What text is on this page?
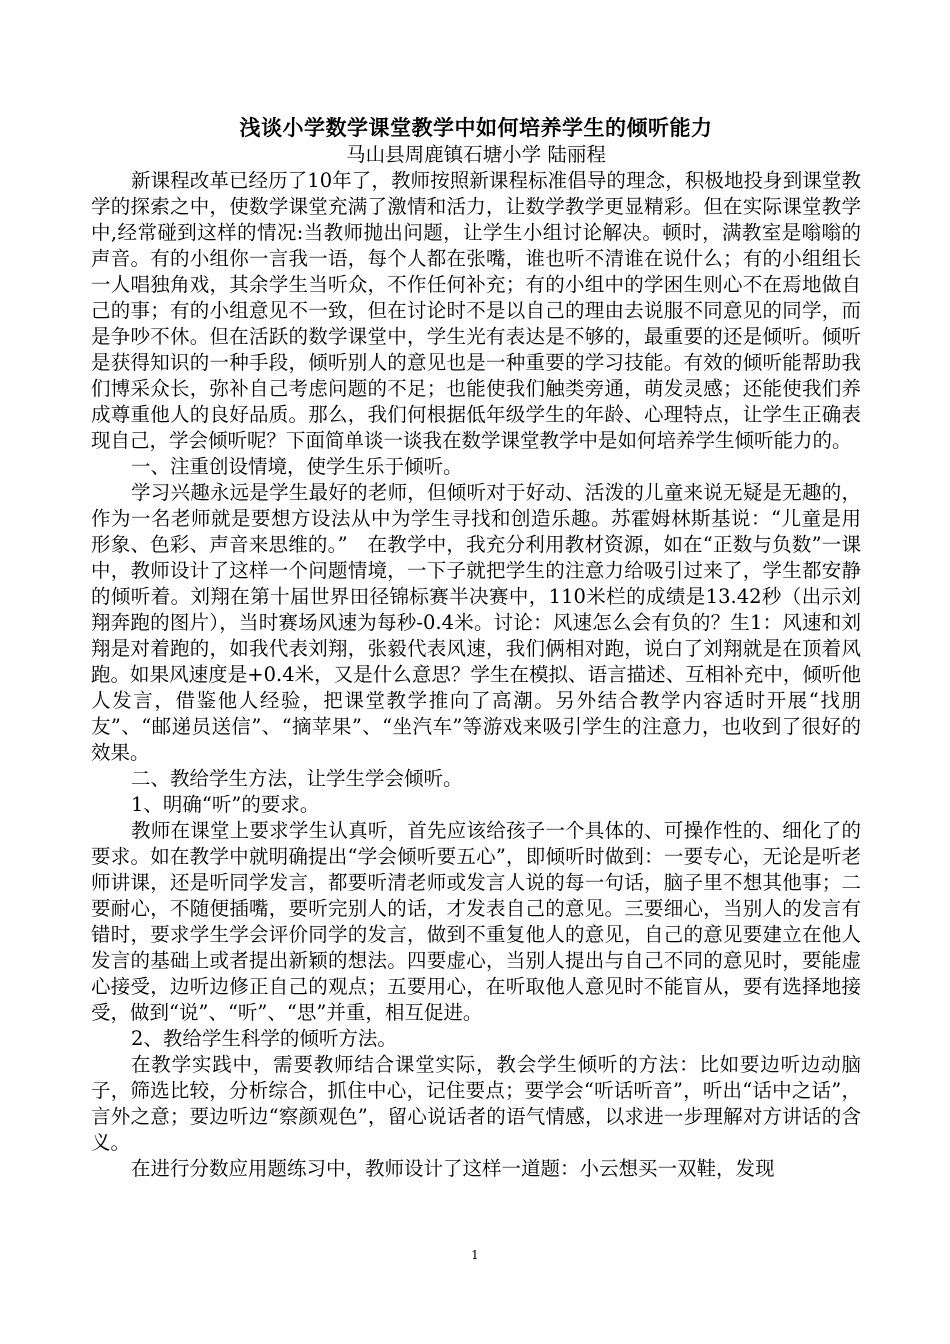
浅谈小学数学课堂教学中如何培养学生的倾听能力

马山县周鹿镇石塘小学 陆丽程

新课程改革已经历了10年了，教师按照新课程标准倡导的理念，积极地投身到课堂教学的探索之中，使数学课堂充满了激情和活力，让数学教学更显精彩。但在实际课堂教学中,经常碰到这样的情况:当教师抛出问题，让学生小组讨论解决。顿时，满教室是嗡嗡的声音。有的小组你一言我一语，每个人都在张嘴，谁也听不清谁在说什么；有的小组组长一人唱独角戏，其余学生当听众，不作任何补充；有的小组中的学困生则心不在焉地做自己的事；有的小组意见不一致，但在讨论时不是以自己的理由去说服不同意见的同学，而是争吵不休。但在活跃的数学课堂中，学生光有表达是不够的，最重要的还是倾听。倾听是获得知识的一种手段，倾听别人的意见也是一种重要的学习技能。有效的倾听能帮助我们博采众长，弥补自己考虑问题的不足；也能使我们触类旁通，萌发灵感；还能使我们养成尊重他人的良好品质。那么，我们何根据低年级学生的年龄、心理特点，让学生正确表现自己，学会倾听呢？下面简单谈一谈我在数学课堂教学中是如何培养学生倾听能力的。

一、注重创设情境，使学生乐于倾听。

学习兴趣永远是学生最好的老师，但倾听对于好动、活泼的儿童来说无疑是无趣的，作为一名老师就是要想方设法从中为学生寻找和创造乐趣。苏霍姆林斯基说：“儿童是用形象、色彩、声音来思维的。”　在教学中，我充分利用教材资源，如在“正数与负数”一课中，教师设计了这样一个问题情境，一下子就把学生的注意力给吸引过来了，学生都安静的倾听着。刘翔在第十届世界田径锦标赛半决赛中，110米栏的成绩是13.42秒（出示刘翔奔跑的图片），当时赛场风速为每秒-0.4米。讨论：风速怎么会有负的？生1：风速和刘翔是对着跑的，如我代表刘翔，张毅代表风速，我们俩相对跑，说白了刘翔就是在顶着风跑。如果风速度是+0.4米，又是什么意思？学生在模拟、语言描述、互相补充中，倾听他人发言，借鉴他人经验，把课堂教学推向了高潮。另外结合教学内容适时开展“找朋友”、“邮递员送信”、“摘苹果”、“坐汽车”等游戏来吸引学生的注意力，也收到了很好的效果。

二、教给学生方法，让学生学会倾听。

1、明确“听”的要求。

教师在课堂上要求学生认真听，首先应该给孩子一个具体的、可操作性的、细化了的要求。如在教学中就明确提出“学会倾听要五心”，即倾听时做到：一要专心，无论是听老师讲课，还是听同学发言，都要听清老师或发言人说的每一句话，脑子里不想其他事；二要耐心，不随便插嘴，要听完别人的话，才发表自己的意见。三要细心，当别人的发言有错时，要求学生学会评价同学的发言，做到不重复他人的意见，自己的意见要建立在他人发言的基础上或者提出新颖的想法。四要虚心，当别人提出与自己不同的意见时，要能虚心接受，边听边修正自己的观点；五要用心，在听取他人意见时不能盲从，要有选择地接受，做到“说”、“听”、“思”并重，相互促进。

2、教给学生科学的倾听方法。

在教学实践中，需要教师结合课堂实际，教会学生倾听的方法：比如要边听边动脑子，筛选比较，分析综合，抓住中心，记住要点；要学会“听话听音”，听出“话中之话”，言外之意；要边听边“察颜观色”，留心说话者的语气情感，以求进一步理解对方讲话的含义。

在进行分数应用题练习中，教师设计了这样一道题：小云想买一双鞋，发现

1
